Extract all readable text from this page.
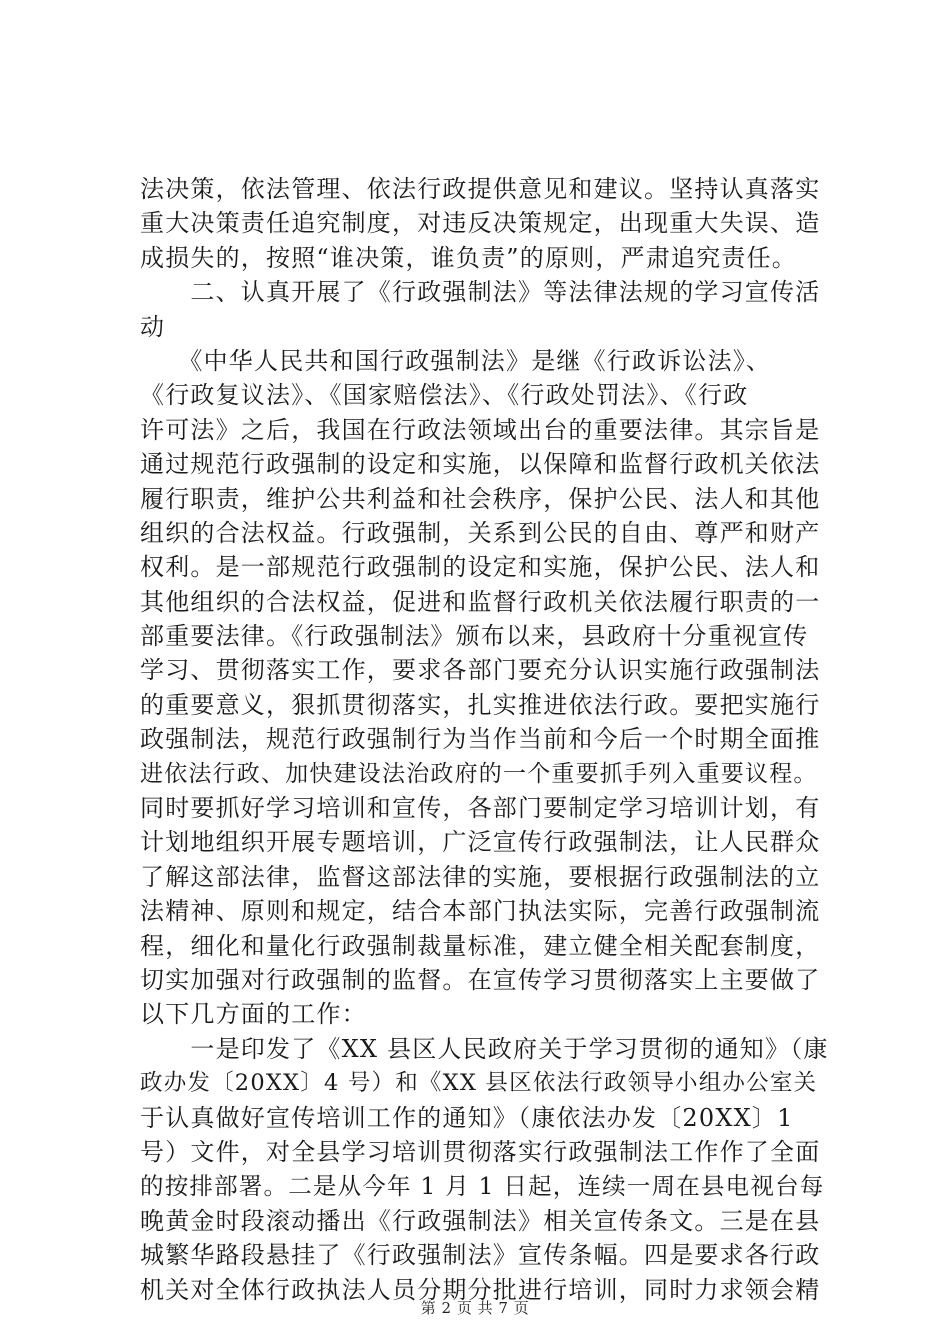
法决策，依法管理、依法行政提供意见和建议。坚持认真落实
重大决策责任追究制度，对违反决策规定，出现重大失误、造
成损失的，按照“谁决策，谁负责”的原则，严肃追究责任。
　　二、认真开展了《行政强制法》等法律法规的学习宣传活
动
　　《中华人民共和国行政强制法》是继《行政诉讼法》、
《行政复议法》、《国家赔偿法》、《行政处罚法》、《行政
许可法》之后，我国在行政法领域出台的重要法律。其宗旨是
通过规范行政强制的设定和实施，以保障和监督行政机关依法
履行职责，维护公共利益和社会秩序，保护公民、法人和其他
组织的合法权益。行政强制，关系到公民的自由、尊严和财产
权利。是一部规范行政强制的设定和实施，保护公民、法人和
其他组织的合法权益，促进和监督行政机关依法履行职责的一
部重要法律。《行政强制法》颁布以来，县政府十分重视宣传
学习、贯彻落实工作，要求各部门要充分认识实施行政强制法
的重要意义，狠抓贯彻落实，扎实推进依法行政。要把实施行
政强制法，规范行政强制行为当作当前和今后一个时期全面推
进依法行政、加快建设法治政府的一个重要抓手列入重要议程。
同时要抓好学习培训和宣传，各部门要制定学习培训计划，有
计划地组织开展专题培训，广泛宣传行政强制法，让人民群众
了解这部法律，监督这部法律的实施，要根据行政强制法的立
法精神、原则和规定，结合本部门执法实际，完善行政强制流
程，细化和量化行政强制裁量标准，建立健全相关配套制度，
切实加强对行政强制的监督。在宣传学习贯彻落实上主要做了
以下几方面的工作：
　　一是印发了《XX 县区人民政府关于学习贯彻的通知》（康
政办发〔20XX〕4 号）和《XX 县区依法行政领导小组办公室关
于认真做好宣传培训工作的通知》（康依法办发〔20XX〕1
号）文件，对全县学习培训贯彻落实行政强制法工作作了全面
的按排部署。二是从今年 1 月 1 日起，连续一周在县电视台每
晚黄金时段滚动播出《行政强制法》相关宣传条文。三是在县
城繁华路段悬挂了《行政强制法》宣传条幅。四是要求各行政
机关对全体行政执法人员分期分批进行培训，同时力求领会精
第 2 页 共 7 页
